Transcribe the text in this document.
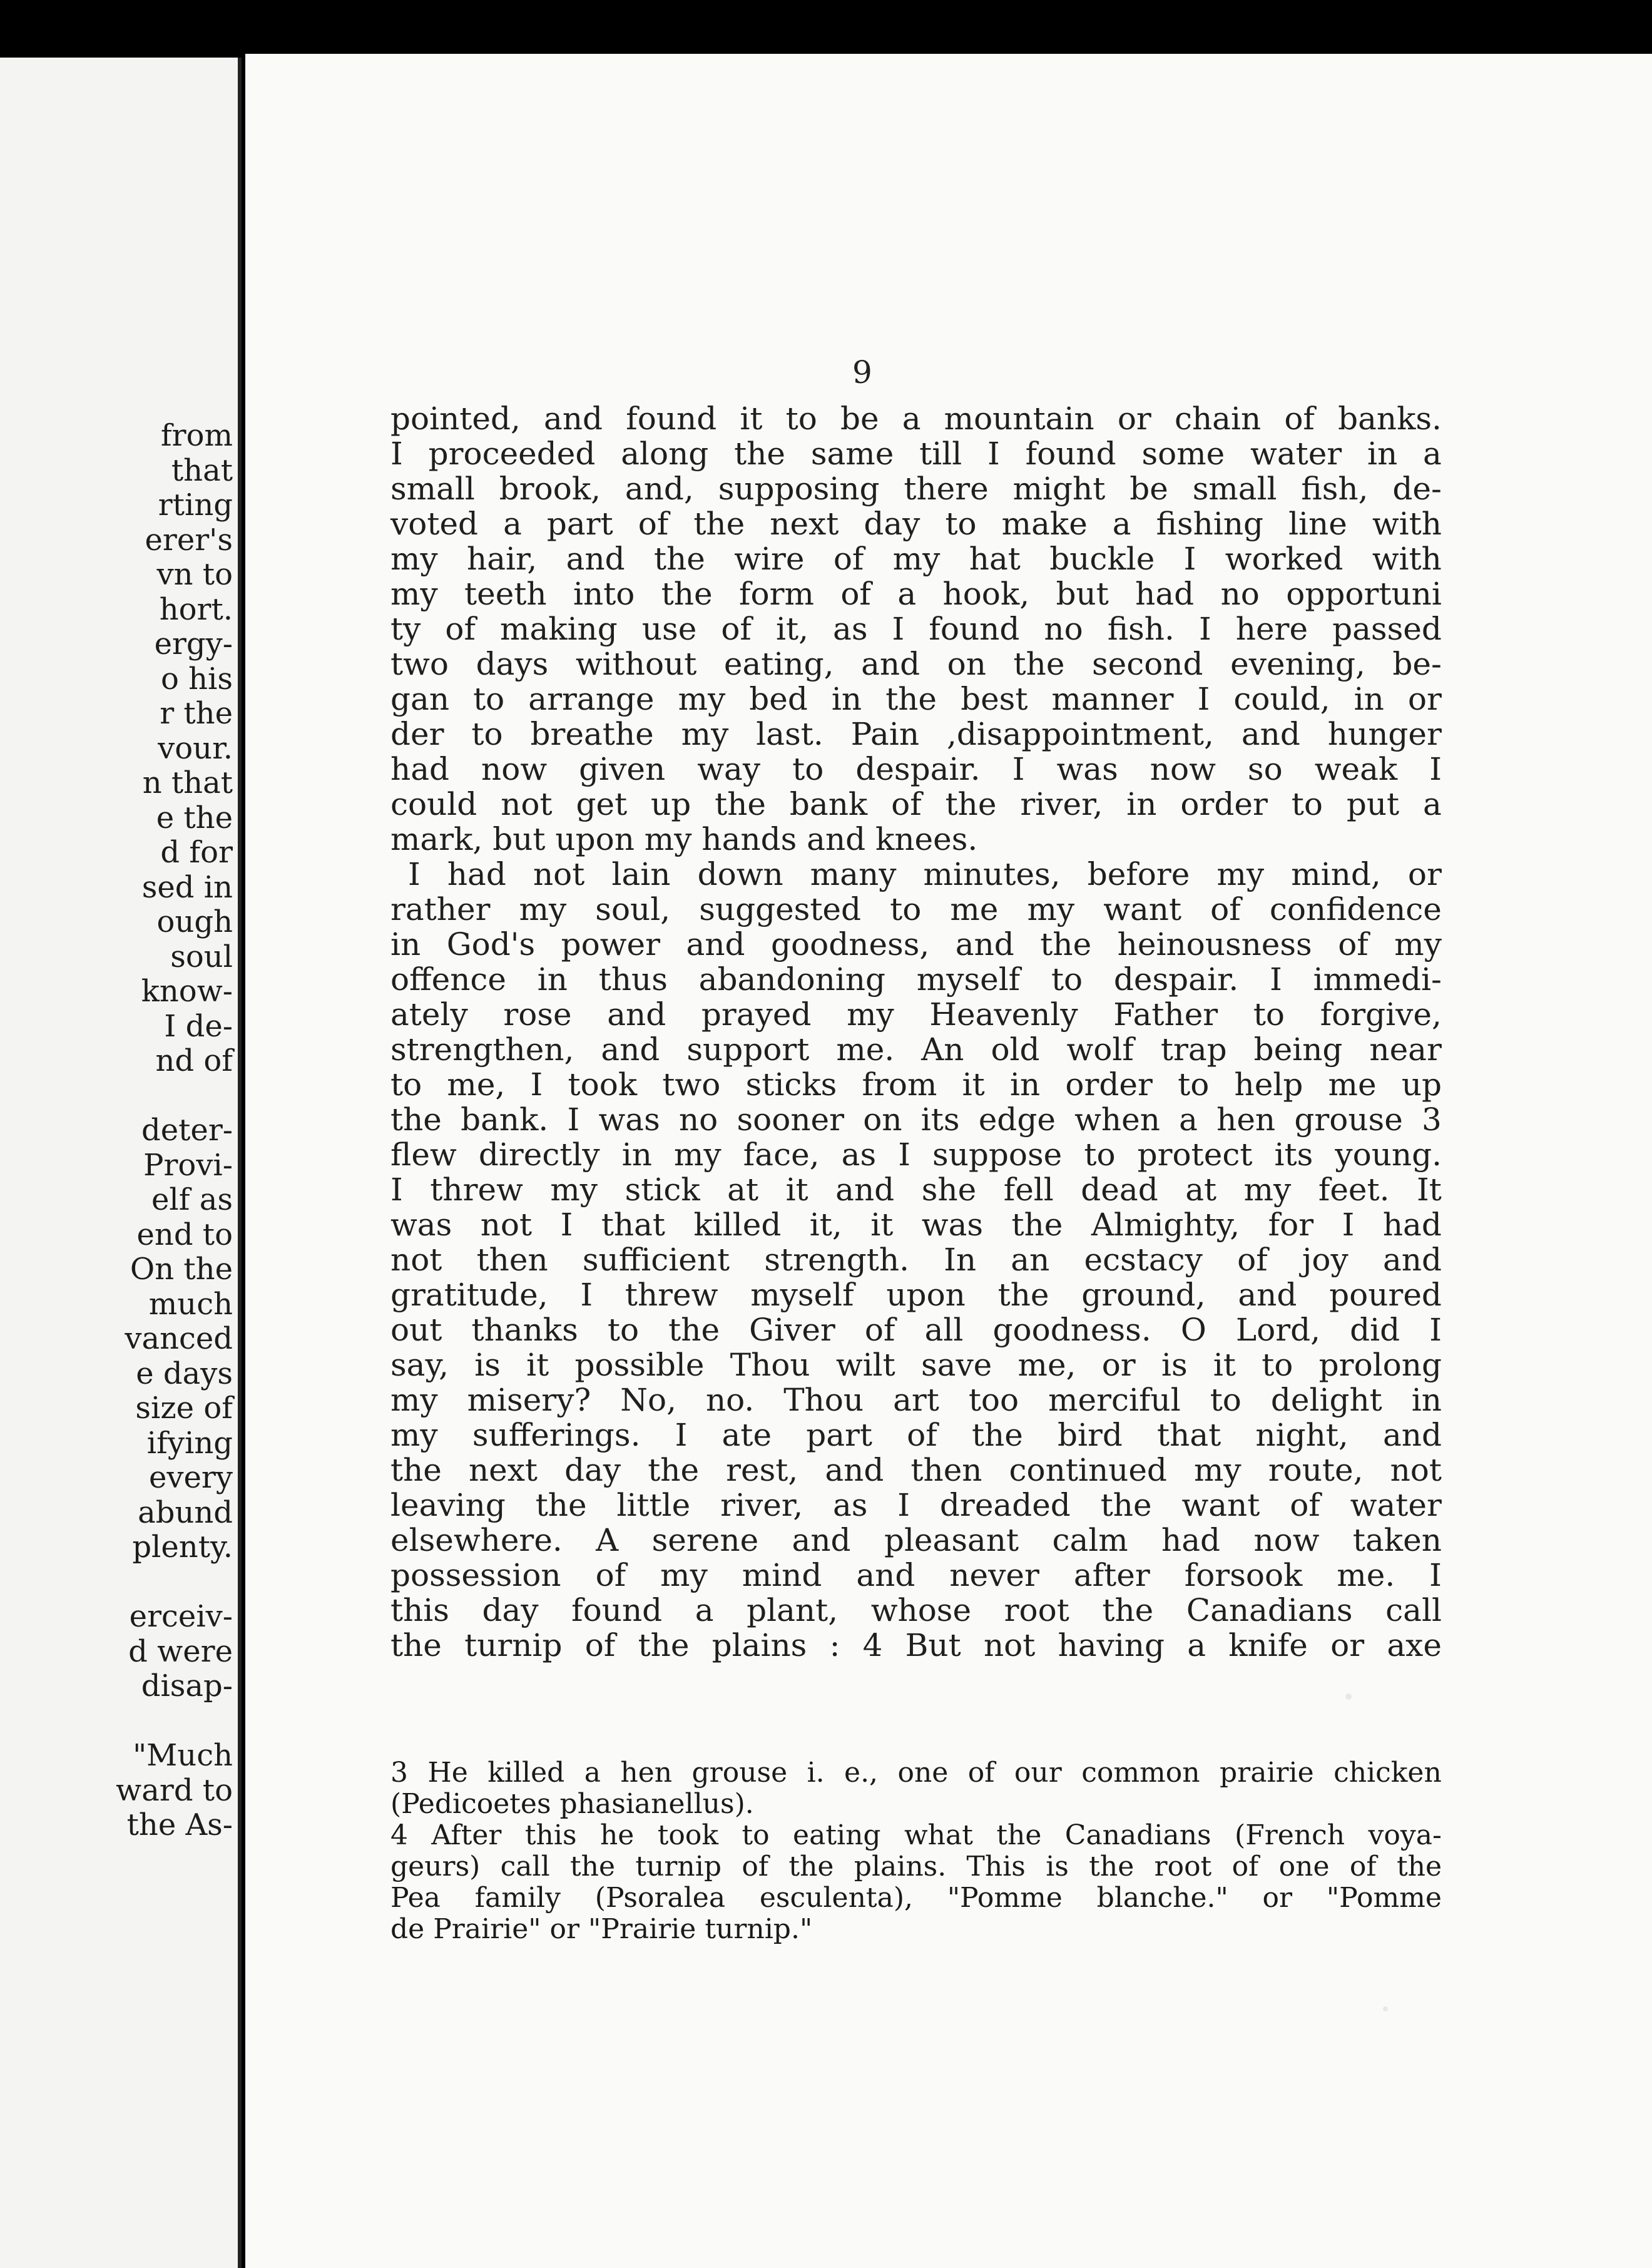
from
that
rting
erer's
vn to
hort.
ergy-
o his
r the
vour.
n that
e the
d for
sed in
ough
soul
know-
I de-
nd of
deter-
Provi-
elf as
end to
On the
much
vanced
e days
size of
ifying
every
abund
plenty.
erceiv-
d were
disap-
"Much
ward to
the As-
9
pointed, and found it to be a mountain or chain of banks.
I proceeded along the same till I found some water in a
small brook, and, supposing there might be small fish, de-
voted a part of the next day to make a fishing line with
my hair, and the wire of my hat buckle I worked with
my teeth into the form of a hook, but had no opportuni
ty of making use of it, as I found no fish. I here passed
two days without eating, and on the second evening, be-
gan to arrange my bed in the best manner I could, in or
der to breathe my last. Pain ,disappointment, and hunger
had now given way to despair. I was now so weak I
could not get up the bank of the river, in order to put a
mark, but upon my hands and knees.
I had not lain down many minutes, before my mind, or
rather my soul, suggested to me my want of confidence
in God's power and goodness, and the heinousness of my
offence in thus abandoning myself to despair. I immedi-
ately rose and prayed my Heavenly Father to forgive,
strengthen, and support me. An old wolf trap being near
to me, I took two sticks from it in order to help me up
the bank. I was no sooner on its edge when a hen grouse 3
flew directly in my face, as I suppose to protect its young.
I threw my stick at it and she fell dead at my feet. It
was not I that killed it, it was the Almighty, for I had
not then sufficient strength. In an ecstacy of joy and
gratitude, I threw myself upon the ground, and poured
out thanks to the Giver of all goodness. O Lord, did I
say, is it possible Thou wilt save me, or is it to prolong
my misery? No, no. Thou art too merciful to delight in
my sufferings. I ate part of the bird that night, and
the next day the rest, and then continued my route, not
leaving the little river, as I dreaded the want of water
elsewhere. A serene and pleasant calm had now taken
possession of my mind and never after forsook me. I
this day found a plant, whose root the Canadians call
the turnip of the plains : 4 But not having a knife or axe
3 He killed a hen grouse i. e., one of our common prairie chicken
(Pedicoetes phasianellus).
4 After this he took to eating what the Canadians (French voya-
geurs) call the turnip of the plains. This is the root of one of the
Pea family (Psoralea esculenta), "Pomme blanche." or "Pomme
de Prairie" or "Prairie turnip."
